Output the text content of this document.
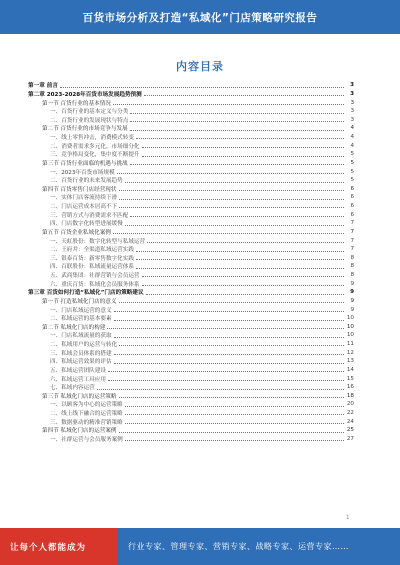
百货市场分析及打造“私域化”门店策略研究报告
内容目录
第一章 前言	3
第二章 2023-2028年百货市场发展趋势预测	3
第一节 百货行业的基本情况	3
一、百货行业的基本定义与分类	3
二、百货行业的发展现状与特点	3
第二节 百货行业的市场竞争与发展	4
一、线上零售冲击，消费模式转变	4
二、消费者需求多元化，市场细分化	4
三、竞争格局变化，集中度不断提升	5
第三节 百货行业面临的机遇与挑战	5
一、2023年百货市场规模	5
二、百货行业的未来发展趋势	5
第四节 百货零售门店经营现状	6
一、实体门店客流持续下滑	6
二、门店运营成本居高不下	6
三、营销方式与消费需求不匹配	6
四、门店数字化转型进展缓慢	7
第五节 百货企业私域化案例	7
一、天虹股份：数字化转型与私域运营	7
二、王府井：全渠道私域运营实践	7
三、银泰百货：新零售数字化实践	8
四、百联股份：私域流量运营体系	8
五、武商集团：社群营销与会员运营	8
六、重庆百货：私域化会员服务体系	9
第三章 百货如何打造“私域化”门店的策略建议	9
第一节 打造私域化门店的意义	9
一、门店私域运营的意义	9
二、私域运营的基本要素	10
第二节 私域化门店的构建	10
一、门店私域流量的获取	10
二、私域用户的运营与转化	11
三、私域会员体系的搭建	12
四、私域运营效果的评估	13
五、私域运营团队建设	14
六、私域运营工具应用	15
七、私域内容运营	16
第三节 私域化门店的运营策略	18
一、以顾客为中心的运营策略	20
二、线上线下融合的运营策略	22
三、数据驱动的精准营销策略	24
第四节 私域化门店的运营案例	25
一、社群运营与会员服务案例	27
1
让每个人都能成为	行业专家、管理专家、营销专家、战略专家、运营专家……
